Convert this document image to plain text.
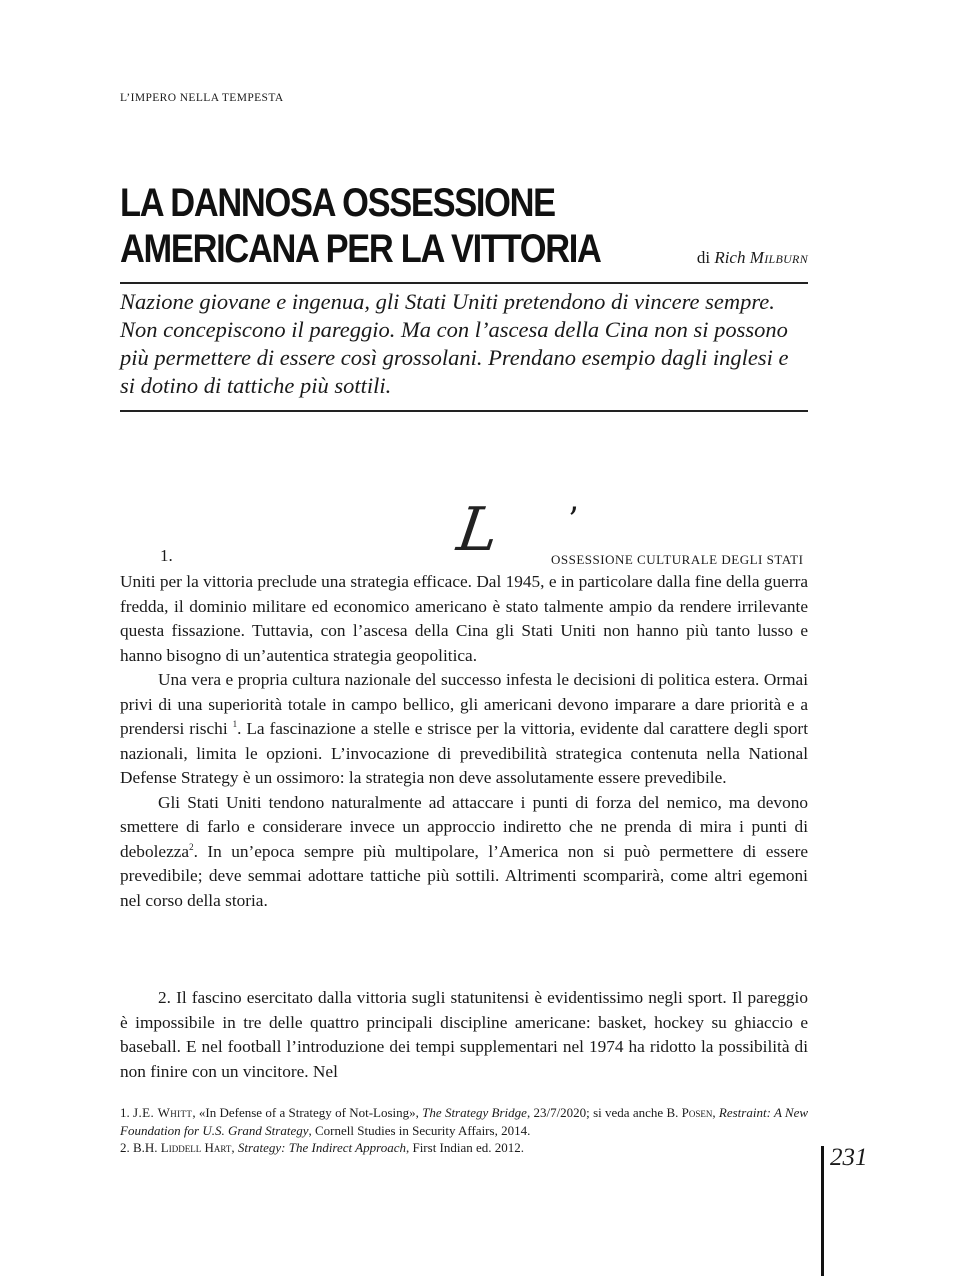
L’IMPERO NELLA TEMPESTA
LA DANNOSA OSSESSIONE
AMERICANA PER LA VITTORIA	di Rich Milburn
Nazione giovane e ingenua, gli Stati Uniti pretendono di vincere sempre. Non concepiscono il pareggio. Ma con l’ascesa della Cina non si possono più permettere di essere così grossolani. Prendano esempio dagli inglesi e si dotino di tattiche più sottili.
L ’
1.	OSSESSIONE CULTURALE DEGLI STATI

Uniti per la vittoria preclude una strategia efficace. Dal 1945, e in particolare dalla fine della guerra fredda, il dominio militare ed economico americano è stato talmente ampio da rendere irrilevante questa fissazione. Tuttavia, con l’ascesa della Cina gli Stati Uniti non hanno più tanto lusso e hanno bisogno di un’autentica strategia geopolitica.

Una vera e propria cultura nazionale del successo infesta le decisioni di politica estera. Ormai privi di una superiorità totale in campo bellico, gli americani devono imparare a dare priorità e a prendersi rischi $^1$. La fascinazione a stelle e strisce per la vittoria, evidente dal carattere degli sport nazionali, limita le opzioni. L’invocazione di prevedibilità strategica contenuta nella National Defense Strategy è un ossimoro: la strategia non deve assolutamente essere prevedibile.

Gli Stati Uniti tendono naturalmente ad attaccare i punti di forza del nemico, ma devono smettere di farlo e considerare invece un approccio indiretto che ne prenda di mira i punti di debolezza$^2$. In un’epoca sempre più multipolare, l’America non si può permettere di essere prevedibile; deve semmai adottare tattiche più sottili. Altrimenti scomparirà, come altri egemoni nel corso della storia.

2. Il fascino esercitato dalla vittoria sugli statunitensi è evidentissimo negli sport. Il pareggio è impossibile in tre delle quattro principali discipline americane: basket, hockey su ghiaccio e baseball. E nel football l’introduzione dei tempi supplementari nel 1974 ha ridotto la possibilità di non finire con un vincitore. Nel

1. J.E. Whitt, «In Defense of a Strategy of Not-Losing», The Strategy Bridge, 23/7/2020; si veda anche B. Posen, Restraint: A New Foundation for U.S. Grand Strategy, Cornell Studies in Security Affairs, 2014.
2. B.H. Liddell Hart, Strategy: The Indirect Approach, First Indian ed. 2012.	231
